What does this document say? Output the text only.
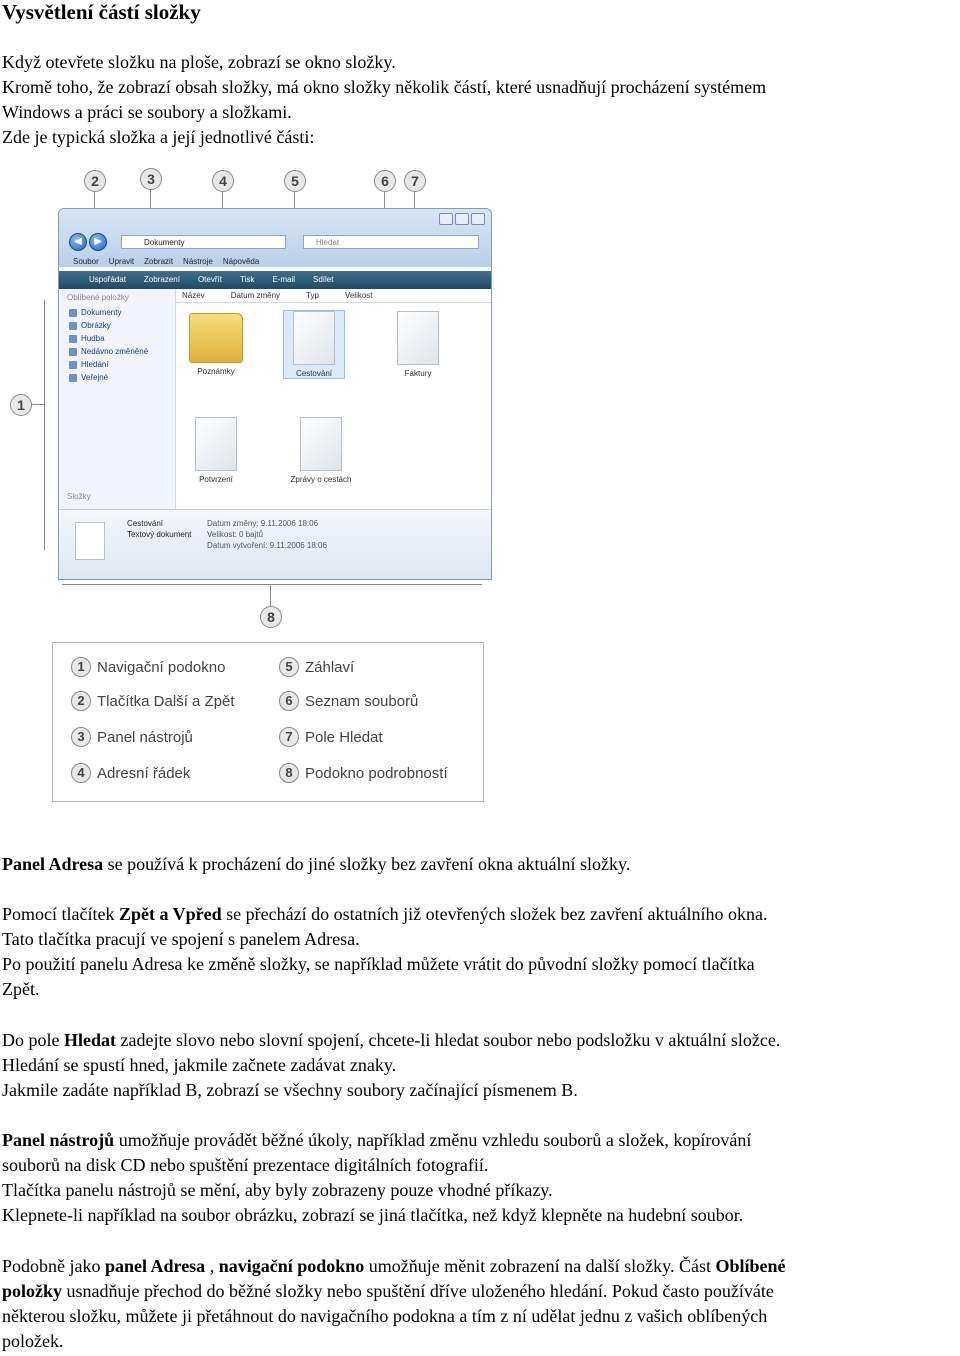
Vysvětlení částí složky
Když otevřete složku na ploše, zobrazí se okno složky.
Kromě toho, že zobrazí obsah složky, má okno složky několik částí, které usnadňují procházení systémem
Windows a práci se soubory a složkami.
Zde je typická složka a její jednotlivé části:
2	3	4	5	6	7
1
8
◀	▶	Dokumenty	Hledat
Soubor Upravit Zobrazit Nástroje Nápověda
Uspořádat Zobrazení Otevřít Tisk E-mail Sdílet
Oblíbené položky
Dokumenty
Obrázky
Hudba
Nedávno změněné
Hledání
Veřejné
Složky
Název	Datum změny	Typ	Velikost
Poznámky	Cestování	Faktury
Potvrzení	Zprávy o cestách
Cestování
Textový dokument
Datum změny: 9.11.2006 18:06
Velikost: 0 bajtů
Datum vytvoření: 9.11.2006 18:06
1 Navigační podokno
2 Tlačítka Další a Zpět
3 Panel nástrojů
4 Adresní řádek
5 Záhlaví
6 Seznam souborů
7 Pole Hledat
8 Podokno podrobností
Panel Adresa se používá k procházení do jiné složky bez zavření okna aktuální složky.
Pomocí tlačítek Zpět a Vpřed se přechází do ostatních již otevřených složek bez zavření aktuálního okna.
Tato tlačítka pracují ve spojení s panelem Adresa.
Po použití panelu Adresa ke změně složky, se například můžete vrátit do původní složky pomocí tlačítka
Zpět.
Do pole Hledat zadejte slovo nebo slovní spojení, chcete-li hledat soubor nebo podsložku v aktuální složce.
Hledání se spustí hned, jakmile začnete zadávat znaky.
Jakmile zadáte například B, zobrazí se všechny soubory začínající písmenem B.
Panel nástrojů umožňuje provádět běžné úkoly, například změnu vzhledu souborů a složek, kopírování
souborů na disk CD nebo spuštění prezentace digitálních fotografií.
Tlačítka panelu nástrojů se mění, aby byly zobrazeny pouze vhodné příkazy.
Klepnete-li například na soubor obrázku, zobrazí se jiná tlačítka, než když klepněte na hudební soubor.
Podobně jako panel Adresa , navigační podokno umožňuje měnit zobrazení na další složky. Část Oblíbené
položky usnadňuje přechod do běžné složky nebo spuštění dříve uloženého hledání. Pokud často používáte
některou složku, můžete ji přetáhnout do navigačního podokna a tím z ní udělat jednu z vašich oblíbených
položek.
